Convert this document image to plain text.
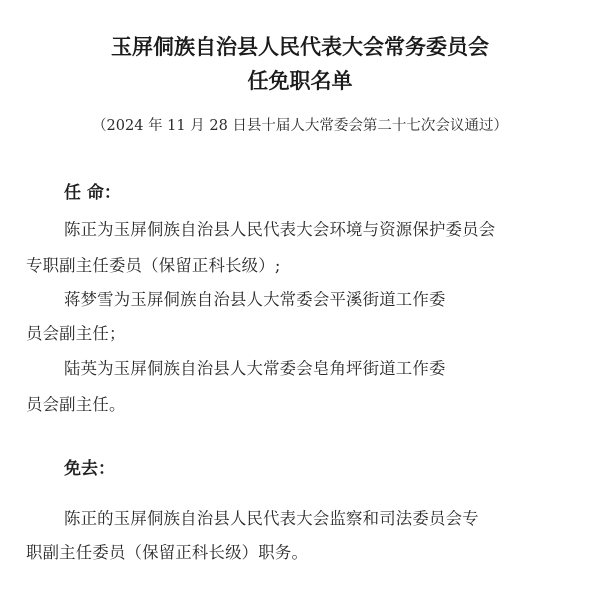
玉屏侗族自治县人民代表大会常务委员会
任免职名单
（2024 年 11 月 28 日县十届人大常委会第二十七次会议通过）
任 命：
陈正为玉屏侗族自治县人民代表大会环境与资源保护委员会
专职副主任委员（保留正科长级）;
蒋梦雪为玉屏侗族自治县人大常委会平溪街道工作委
员会副主任；
陆英为玉屏侗族自治县人大常委会皂角坪街道工作委
员会副主任。
免去：
陈正的玉屏侗族自治县人民代表大会监察和司法委员会专
职副主任委员（保留正科长级）职务。
